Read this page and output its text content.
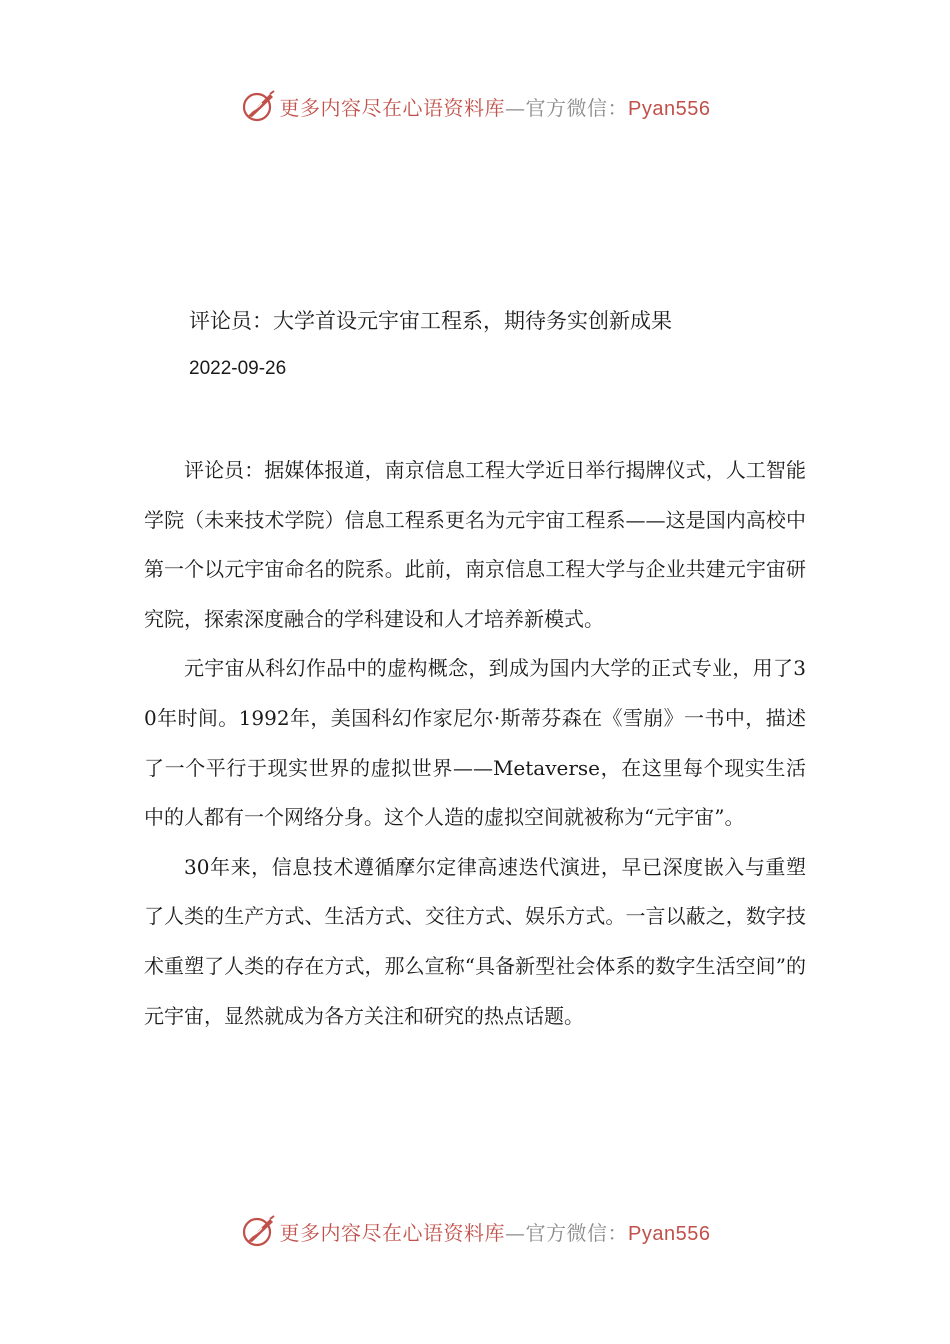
更多内容尽在心语资料库—官方微信：Pyan556
评论员：大学首设元宇宙工程系，期待务实创新成果
2022-09-26

评论员：据媒体报道，南京信息工程大学近日举行揭牌仪式，人工智能学院（未来技术学院）信息工程系更名为元宇宙工程系——这是国内高校中第一个以元宇宙命名的院系。此前，南京信息工程大学与企业共建元宇宙研究院，探索深度融合的学科建设和人才培养新模式。

元宇宙从科幻作品中的虚构概念，到成为国内大学的正式专业，用了30年时间。1992年，美国科幻作家尼尔·斯蒂芬森在《雪崩》一书中，描述了一个平行于现实世界的虚拟世界——Metaverse，在这里每个现实生活中的人都有一个网络分身。这个人造的虚拟空间就被称为“元宇宙”。

30年来，信息技术遵循摩尔定律高速迭代演进，早已深度嵌入与重塑了人类的生产方式、生活方式、交往方式、娱乐方式。一言以蔽之，数字技术重塑了人类的存在方式，那么宣称“具备新型社会体系的数字生活空间”的元宇宙，显然就成为各方关注和研究的热点话题。

更多内容尽在心语资料库—官方微信：Pyan556
